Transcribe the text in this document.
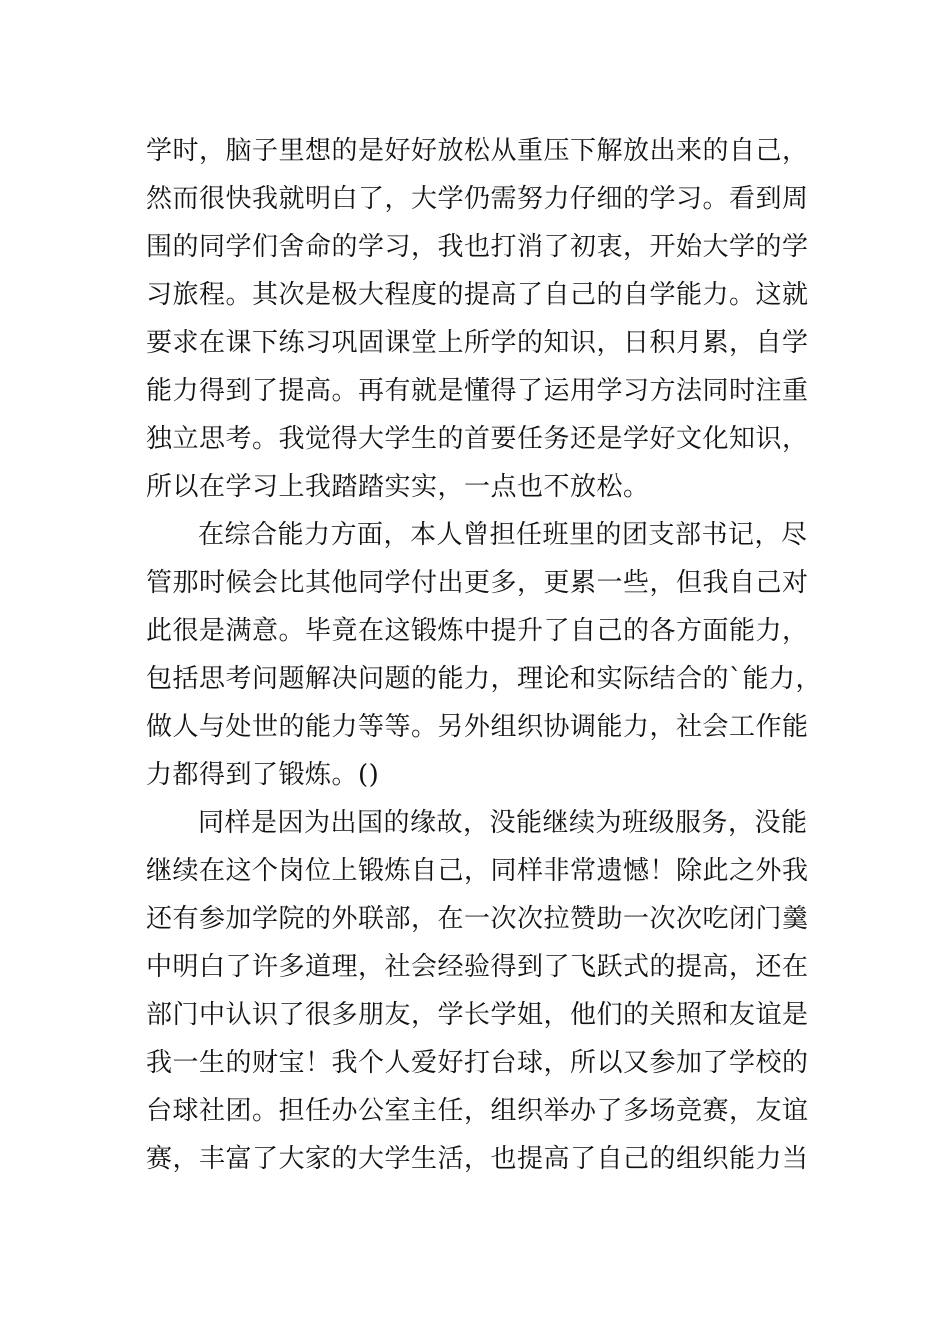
学时，脑子里想的是好好放松从重压下解放出来的自己，
然而很快我就明白了，大学仍需努力仔细的学习。看到周
围的同学们舍命的学习，我也打消了初衷，开始大学的学
习旅程。其次是极大程度的提高了自己的自学能力。这就
要求在课下练习巩固课堂上所学的知识，日积月累，自学
能力得到了提高。再有就是懂得了运用学习方法同时注重
独立思考。我觉得大学生的首要任务还是学好文化知识，
所以在学习上我踏踏实实，一点也不放松。
在综合能力方面，本人曾担任班里的团支部书记，尽
管那时候会比其他同学付出更多，更累一些，但我自己对
此很是满意。毕竟在这锻炼中提升了自己的各方面能力，
包括思考问题解决问题的能力，理论和实际结合的`能力，
做人与处世的能力等等。另外组织协调能力，社会工作能
力都得到了锻炼。()
同样是因为出国的缘故，没能继续为班级服务，没能
继续在这个岗位上锻炼自己，同样非常遗憾！除此之外我
还有参加学院的外联部，在一次次拉赞助一次次吃闭门羹
中明白了许多道理，社会经验得到了飞跃式的提高，还在
部门中认识了很多朋友，学长学姐，他们的关照和友谊是
我一生的财宝！我个人爱好打台球，所以又参加了学校的
台球社团。担任办公室主任，组织举办了多场竞赛，友谊
赛，丰富了大家的大学生活，也提高了自己的组织能力当
